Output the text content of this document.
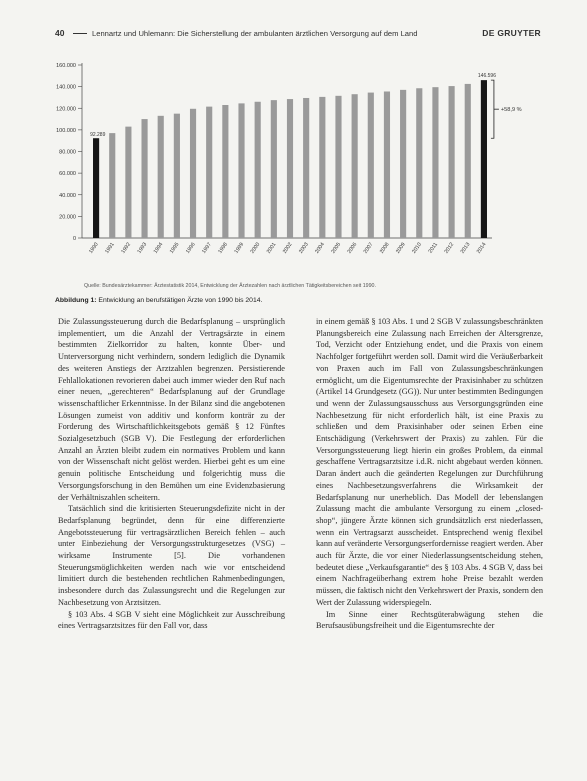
40	Lennartz und Uhlemann: Die Sicherstellung der ambulanten ärztlichen Versorgung auf dem Land	DE GRUYTER
0
20.000
40.000
60.000
80.000
100.000
120.000
140.000
160.000
1990 1991 1992 1993 1994 1995 1996 1997 1998 1999 2000 2001 2002 2003 2004 2005 2006 2007 2008 2009 2010 2011 2012 2013 2014
92.289
146.596
+58,9 %
Quelle: Bundesärztekammer: Ärztestatistik 2014, Entwicklung der Ärztezahlen nach ärztlichen Tätigkeitsbereichen seit 1990.
Abbildung 1: Entwicklung an berufstätigen Ärzte von 1990 bis 2014.

Die Zulassungssteuerung durch die Bedarfsplanung – ursprünglich implementiert, um die Anzahl der Vertragsärzte in einem bestimmten Zielkorridor zu halten, konnte Über- und Unterversorgung nicht verhindern, sondern lediglich die Dynamik des weiteren Anstiegs der Arztzahlen begrenzen. Persistierende Fehlallokationen revorieren dabei auch immer wieder den Ruf nach einer neuen, „gerechteren“ Bedarfsplanung auf der Grundlage wissenschaftlicher Erkenntnisse. In der Bilanz sind die angebotenen Lösungen zumeist von additiv und konform konträr zu der Forderung des Wirtschaftlichkeitsgebots gemäß § 12 Fünftes Sozialgesetzbuch (SGB V). Die Festlegung der erforderlichen Anzahl an Ärzten bleibt zudem ein normatives Problem und kann von der Wissenschaft nicht gelöst werden. Hierbei geht es um eine genuin politische Entscheidung und folgerichtig muss die Versorgungsforschung in den Bemühen um eine Evidenzbasierung der Verhältniszahlen scheitern.

Tatsächlich sind die kritisierten Steuerungsdefizite nicht in der Bedarfsplanung begründet, denn für eine differenzierte Angebotssteuerung für vertragsärztlichen Bereich fehlen – auch unter Einbeziehung der Versorgungsstrukturgesetzes (VSG) – wirksame Instrumente [5]. Die vorhandenen Steuerungsmöglichkeiten werden nach wie vor entscheidend limitiert durch die bestehenden rechtlichen Rahmenbedingungen, insbesondere durch das Zulassungsrecht und die Regelungen zur Nachbesetzung von Arztsitzen.

§ 103 Abs. 4 SGB V sieht eine Möglichkeit zur Ausschreibung eines Vertragsarztsitzes für den Fall vor, dass

in einem gemäß § 103 Abs. 1 und 2 SGB V zulassungsbeschränkten Planungsbereich eine Zulassung nach Erreichen der Altersgrenze, Tod, Verzicht oder Entziehung endet, und die Praxis von einem Nachfolger fortgeführt werden soll. Damit wird die Veräußerbarkeit von Praxen auch im Fall von Zulassungsbeschränkungen ermöglicht, um die Eigentumsrechte der Praxisinhaber zu schützen (Artikel 14 Grundgesetz (GG)). Nur unter bestimmten Bedingungen und wenn der Zulassungsausschuss aus Versorgungsgründen eine Nachbesetzung für nicht erforderlich hält, ist eine Praxis zu schließen und dem Praxisinhaber oder seinen Erben eine Entschädigung (Verkehrswert der Praxis) zu zahlen. Für die Versorgungssteuerung liegt hierin ein großes Problem, da einmal geschaffene Vertragsarztsitze i.d.R. nicht abgebaut werden können. Daran ändert auch die geänderten Regelungen zur Durchführung eines Nachbesetzungsverfahrens die Wirksamkeit der Bedarfsplanung nur unerheblich. Das Modell der lebenslangen Zulassung macht die ambulante Versorgung zu einem „closed-shop“, jüngere Ärzte können sich grundsätzlich erst niederlassen, wenn ein Vertragsarzt ausscheidet. Entsprechend wenig flexibel kann auf veränderte Versorgungserfordernisse reagiert werden. Aber auch für Ärzte, die vor einer Niederlassungsentscheidung stehen, bedeutet diese „Verkaufsgarantie“ des § 103 Abs. 4 SGB V, dass bei einem Nachfrageüberhang extrem hohe Preise bezahlt werden müssen, die faktisch nicht den Verkehrswert der Praxis, sondern den Wert der Zulassung widerspiegeln.

Im Sinne einer Rechtsgüterabwägung stehen die Berufsausübungsfreiheit und die Eigentumsrechte der
